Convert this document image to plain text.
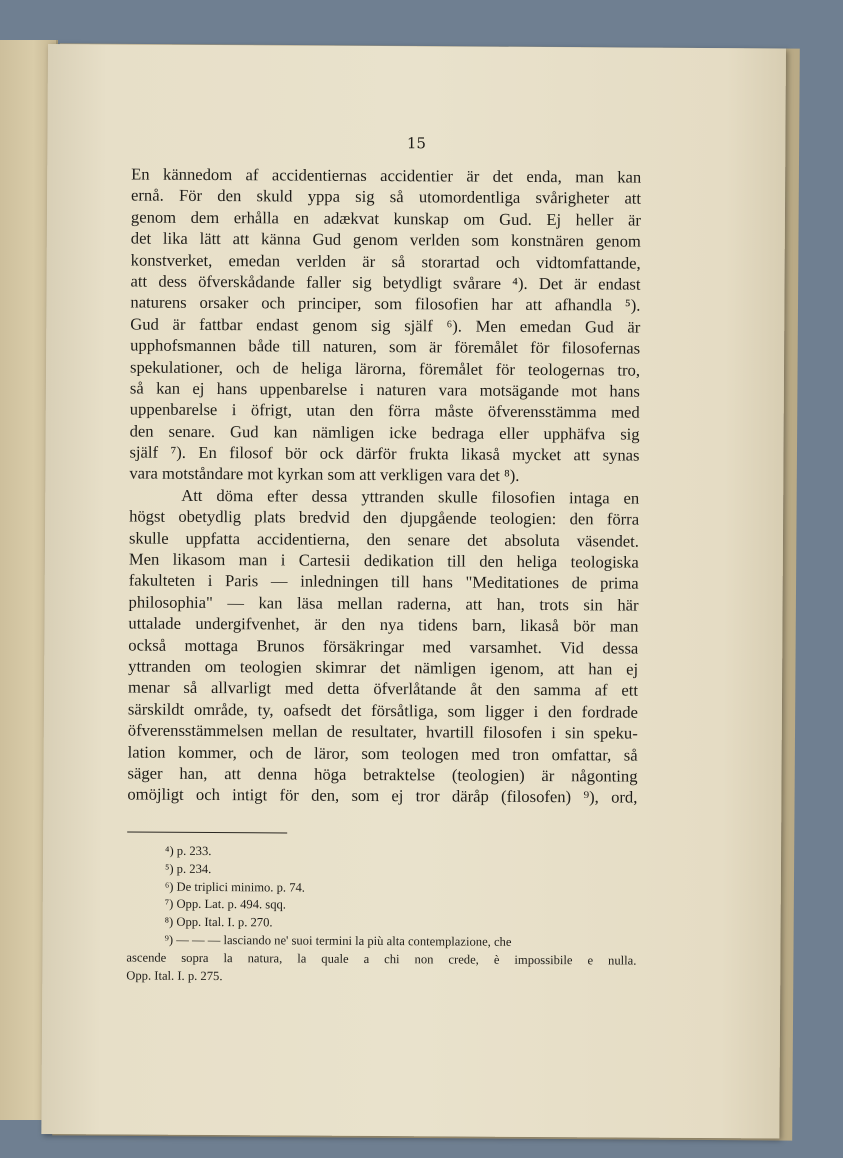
15
En kännedom af accidentiernas accidentier är det enda, man kan
ernå. För den skuld yppa sig så utomordentliga svårigheter att
genom dem erhålla en adækvat kunskap om Gud. Ej heller är
det lika lätt att känna Gud genom verlden som konstnären genom
konstverket, emedan verlden är så storartad och vidtomfattande,
att dess öfverskådande faller sig betydligt svårare ⁴). Det är endast
naturens orsaker och principer, som filosofien har att afhandla ⁵).
Gud är fattbar endast genom sig själf ⁶). Men emedan Gud är
upphofsmannen både till naturen, som är föremålet för filosofernas
spekulationer, och de heliga lärorna, föremålet för teologernas tro,
så kan ej hans uppenbarelse i naturen vara motsägande mot hans
uppenbarelse i öfrigt, utan den förra måste öfverensstämma med
den senare. Gud kan nämligen icke bedraga eller upphäfva sig
själf ⁷). En filosof bör ock därför frukta likaså mycket att synas
vara motståndare mot kyrkan som att verkligen vara det ⁸).
Att döma efter dessa yttranden skulle filosofien intaga en
högst obetydlig plats bredvid den djupgående teologien: den förra
skulle uppfatta accidentierna, den senare det absoluta väsendet.
Men likasom man i Cartesii dedikation till den heliga teologiska
fakulteten i Paris — inledningen till hans "Meditationes de prima
philosophia" — kan läsa mellan raderna, att han, trots sin här
uttalade undergifvenhet, är den nya tidens barn, likaså bör man
också mottaga Brunos försäkringar med varsamhet. Vid dessa
yttranden om teologien skimrar det nämligen igenom, att han ej
menar så allvarligt med detta öfverlåtande åt den samma af ett
särskildt område, ty, oafsedt det försåtliga, som ligger i den fordrade
öfverensstämmelsen mellan de resultater, hvartill filosofen i sin speku-
lation kommer, och de läror, som teologen med tron omfattar, så
säger han, att denna höga betraktelse (teologien) är någonting
omöjligt och intigt för den, som ej tror däråp (filosofen) ⁹), ord,
⁴) p. 233.
⁵) p. 234.
⁶) De triplici minimo. p. 74.
⁷) Opp. Lat. p. 494. sqq.
⁸) Opp. Ital. I. p. 270.
⁹) — — — lasciando ne' suoi termini la più alta contemplazione, che
ascende sopra la natura, la quale a chi non crede, è impossibile e nulla.
Opp. Ital. I. p. 275.
